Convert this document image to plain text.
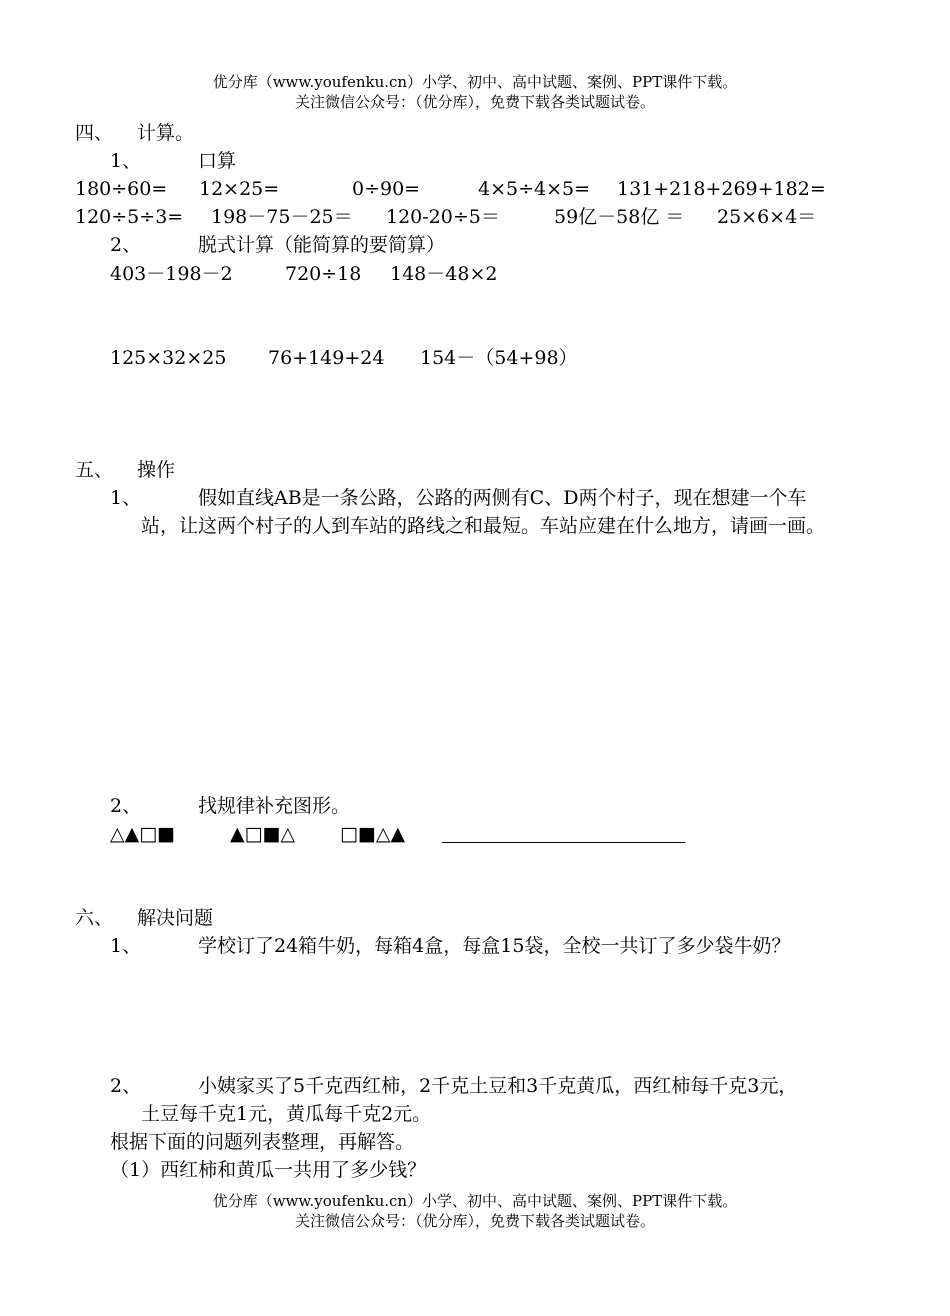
优分库（www.youfenku.cn）小学、初中、高中试题、案例、PPT课件下载。
关注微信公众号：（优分库），免费下载各类试题试卷。
四、 计算。
1、	口算
180÷60= 12×25=	0÷90=	4×5÷4×5= 131+218+269+182=
120÷5÷3= 198－75－25＝ 120-20÷5＝	59亿－58亿 ＝ 25×6×4＝
2、	脱式计算（能简算的要简算）
403－198－2	720÷18 148－48×2
125×32×25 76+149+24 154－（54+98）
五、 操作
1、	假如直线AB是一条公路，公路的两侧有C、D两个村子，现在想建一个车
站，让这两个村子的人到车站的路线之和最短。车站应建在什么地方，请画一画。
2、	找规律补充图形。
△▲□■	▲□■△ □■△▲
六、 解决问题
1、	学校订了24箱牛奶，每箱4盒，每盒15袋，全校一共订了多少袋牛奶？
2、	小姨家买了5千克西红柿，2千克土豆和3千克黄瓜，西红柿每千克3元，
土豆每千克1元，黄瓜每千克2元。
根据下面的问题列表整理，再解答。
（1）西红柿和黄瓜一共用了多少钱？
优分库（www.youfenku.cn）小学、初中、高中试题、案例、PPT课件下载。
关注微信公众号：（优分库），免费下载各类试题试卷。
